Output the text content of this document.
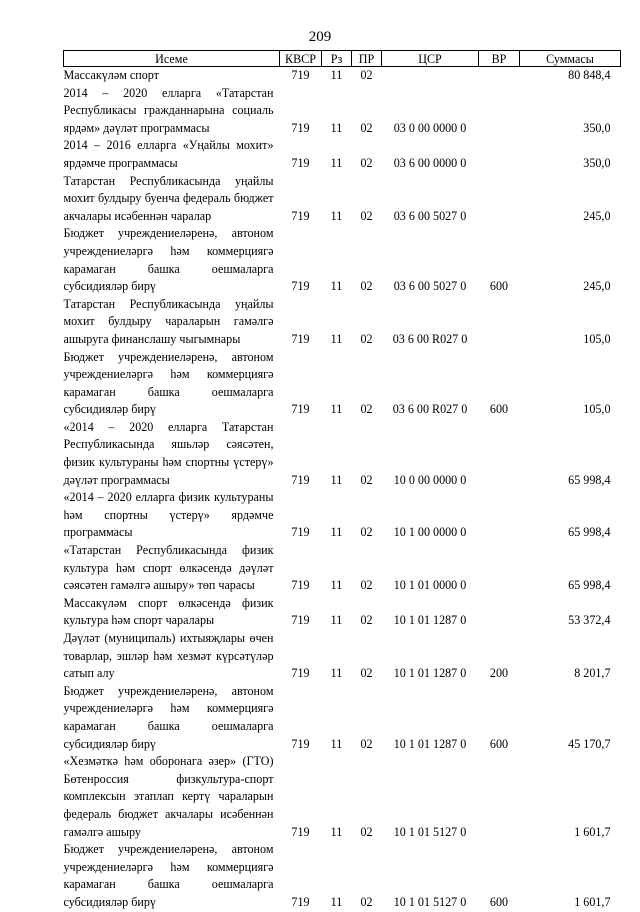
209
Исеме	КВСР	Рз	ПР	ЦСР	ВР	Суммасы
Массакүләм спорт	719	11	02			80 848,4
2014 – 2020 елларга «Татарстан Республикасы гражданнарына социаль ярдәм» дәүләт программасы	719	11	02	03 0 00 0000 0		350,0
2014 – 2016 елларга «Уңайлы мохит» ярдәмче программасы	719	11	02	03 6 00 0000 0		350,0
Татарстан Республикасында уңайлы мохит булдыру буенча федераль бюджет акчалары исәбеннән чаралар	719	11	02	03 6 00 5027 0		245,0
Бюджет учреждениеләренә, автоном учреждениеләргә һәм коммерциягә карамаган башка оешмаларга субсидияләр бирү	719	11	02	03 6 00 5027 0	600	245,0
Татарстан Республикасында уңайлы мохит булдыру чараларын гамәлгә ашыруга финанслашу чыгымнары	719	11	02	03 6 00 R027 0		105,0
Бюджет учреждениеләренә, автоном учреждениеләргә һәм коммерциягә карамаган башка оешмаларга субсидияләр бирү	719	11	02	03 6 00 R027 0	600	105,0
«2014 – 2020 елларга Татарстан Республикасында яшьләр сәясәтен, физик культураны һәм спортны үстерү» дәүләт программасы	719	11	02	10 0 00 0000 0		65 998,4
«2014 – 2020 елларга физик культураны һәм спортны үстерү» ярдәмче программасы	719	11	02	10 1 00 0000 0		65 998,4
«Татарстан Республикасында физик культура һәм спорт өлкәсендә дәүләт сәясәтен гамәлгә ашыру» төп чарасы	719	11	02	10 1 01 0000 0		65 998,4
Массакүләм спорт өлкәсендә физик культура һәм спорт чаралары	719	11	02	10 1 01 1287 0		53 372,4
Дәүләт (муниципаль) ихтыяҗлары өчен товарлар, эшләр һәм хезмәт күрсәтүләр сатып алу	719	11	02	10 1 01 1287 0	200	8 201,7
Бюджет учреждениеләренә, автоном учреждениеләргә һәм коммерциягә карамаган башка оешмаларга субсидияләр бирү	719	11	02	10 1 01 1287 0	600	45 170,7
«Хезмәткә һәм оборонага әзер» (ГТО) Бөтенроссия физкультура-спорт комплексын этаплап кертү чараларын федераль бюджет акчалары исәбеннән гамәлгә ашыру	719	11	02	10 1 01 5127 0		1 601,7
Бюджет учреждениеләренә, автоном учреждениеләргә һәм коммерциягә карамаган башка оешмаларга субсидияләр бирү	719	11	02	10 1 01 5127 0	600	1 601,7
